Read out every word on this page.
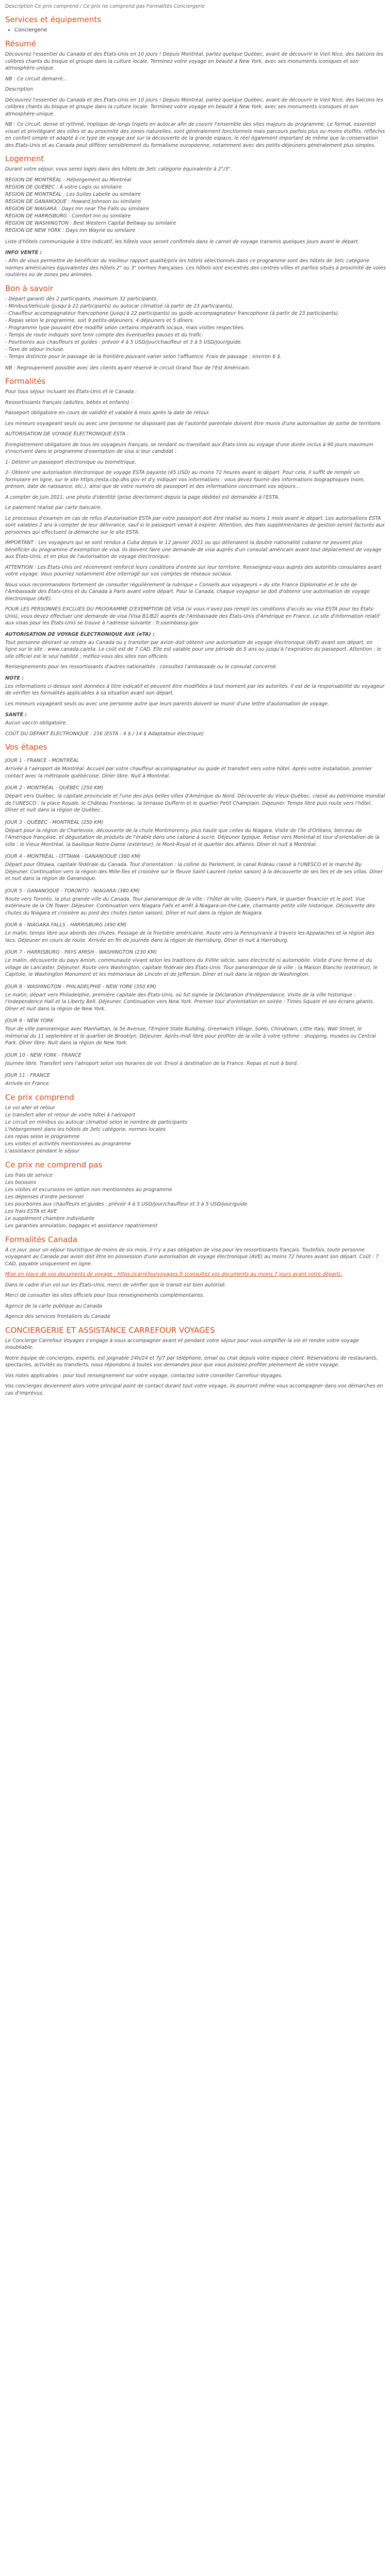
Description Ce prix comprend / Ce prix ne comprend pas Formalités Conciergerie
Services et équipements
• Conciergerie
Résumé

Découvrez l'essentiel du Canada et des États-Unis en 10 jours ! Depuis Montréal, parlez quelque Québec, avant de découvrir le Vieil Nice, des balcons les colibres chants du bisque et groupe dans la culture locale. Terminez votre voyage en beauté à New York, avec ses monuments iconiques et son atmosphère unique.

NB : Ce circuit demarré...

Description

Découvrez l'essentiel du Canada et des États-Unis en 10 jours ! Depuis Montréal, parlez quelque Québec, avant de découvrir le Vieil Nice, des balcons les colibres chants du bisque et groupe dans la culture locale. Terminez votre voyage en beauté à New York, avec ses monuments iconiques et son atmosphère unique.

NB : Ce circuit, dense et rythmé, implique de longs trajets en autocar afin de couvrir l'ensemble des sites majeurs du programme. Le format, essentiel visuel et privilégiant des villes et au proximité des zones naturelles, sont généralement fonctionnels mais parcours parfois plus ou moins étoffés, réfléchis en confort simple et adapté à ce type de voyage axé sur la découverte de la grande espace, le réel également important de même que la conservation des États-Unis et au Canada peut différer sensiblement du formalisme européenne, notamment avec des petits-déjeuners généralement plus simples.

Logement

Durant votre séjour, vous serez logés dans des hôtels de 3etc catégorie équivalente à 2"/3".

REGION DE MONTRÉAL : Hébergement au Montréal
REGION DE QUÉBEC : À votre Logis ou similaire
REGION DE MONTRÉAL : Les Suites Labelle ou similaire
REGION DE GANANOQUE : Howard Johnson ou similaire
REGION DE NIAGARA : Days Inn near The Falls ou similaire
REGION DE HARRISBURG : Comfort Inn ou similaire
REGION DE WASHINGTON : Best Western Capital Beltway ou similaire
REGION DE NEW YORK : Days Inn Wayne ou similaire

Liste d'hôtels communiquée à titre indicatif, les hôtels vous seront confirmés dans le carnet de voyage transmis quelques jours avant le départ.

INFO VENTE :

- Afin de vous permettre de bénéficier du meilleur rapport qualité/prix les hôtels sélectionnés dans ce programme sont des hôtels de 3etc catégorie normes américaines équivalentes des hôtels 2" ou 3" normes françaises. Les hôtels sont excentrés des centres-villes et parfois situés à proximité de voies routières ou de zones peu animées.

Bon à savoir
- Départ garanti dès 2 participants, maximum 32 participants.
- Minibus/Vehicule (jusqu'à 22 participants) ou autocar climatisé (à partir de 23 participants).
- Chauffeur accompagnateur francophone (jusqu'à 22 participants) ou guide accompagnateur francophone (à partir de 23 participants).
- Repas selon le programme, soit 9 petits-déjeuners, 4 déjeuners et 5 dîners.
- Programme type pouvant être modifié selon certains impératifs locaux, mais visites respectées.
- Temps de route indiqués sont tenir compte des éventuelles pauses et du trafic.
- Pourboires aux chauffeurs et guides : prévoir 4 à 5 USD/jour/chauffeur et 3 à 5 USD/jour/guide.
- Taxe de séjour incluse.
- Temps distincte pour le passage de la frontière pouvant varier selon l'affluence. Frais de passage : environ 6 $.

NB : Regroupement possible avec des clients ayant réservé le circuit Grand Tour de l'Est Américain.

Formalités

Pour tous séjour incluant les États-Unis et le Canada :

Ressortissants français (adultes, bébés et enfants) :

Passeport obligatoire en cours de validité et valable 6 mois après la date de retour.

Les mineurs voyageant seuls ou avec une personne ne disposant pas de l'autorité parentale doivent être munis d'une autorisation de sortie de territoire.

AUTORISATION DE VOYAGE ÉLECTRONIQUE ESTA :

Enregistrement obligatoire de tous les voyageurs français, se rendant ou transitant aux États-Unis ou voyage d'une durée inclus à 90 jours maximum s'inscrivent dans le programme d'exemption de visa si leur candidat :

1- Détenir un passeport électronique ou biométrique,

2- Obtenir une autorisation électronique de voyage ESTA payante (45 USD) au moins 72 heures avant le départ. Pour cela, il suffit de remplir un formulaire en ligne, sur le site https://esta.cbp.dhs.gov et d'y indiquer vos informations : vous devez fournir des informations biographiques (nom, prénom, date de naissance, etc.), ainsi que de votre numéro de passeport et des informations concernant vos séjours...

A compter de juin 2021, une photo d'identité (prise directement depuis la page dédiée) est demandée à l'ESTA.

Le paiement réalisé par carte bancaire.

Le processus d'examen en cas de refus d'autorisation ESTA par votre passeport doit être réalisé au moins 1 mois avant le départ. Les autorisations ESTA sont valables 2 ans à compter de leur délivrance, sauf si le passeport venait à expirer. Attention, des frais supplémentaires de gestion seront facturés aux personnes qui effectuent la démarche sur le site ESTA.

IMPORTANT : Les voyageurs qui se sont rendus à Cuba depuis le 12 janvier 2021 ou qui détenaient la double nationalité cubaine ne peuvent plus bénéficier du programme d'exemption de visa. Ils doivent faire une demande de visa auprès d'un consulat américain avant tout déplacement de voyage aux États-Unis, et en plus de l'autorisation de voyage électronique.

ATTENTION : Les États-Unis ont récemment renforcé leurs conditions d'entrée sur leur territoire. Renseignez-vous auprès des autorités consulaires avant votre voyage. Vous pourriez notamment être interrogé sur vos comptes de réseaux sociaux.

Nous vous recommandons fortement de consulter régulièrement la rubrique « Conseils aux voyageurs » du site France Diplomatie et le site de l'Ambassade des États-Unis et du Canada à Paris avant votre départ. Pour le Canada, chaque voyageur se doit d'obtenir une autorisation de voyage électronique (AVE).

POUR LES PERSONNES EXCLUES DU PROGRAMME D'EXEMPTION DE VISA (si vous n'avez pas rempli les conditions d'accès au visa ESTA pour les États-Unis), vous devez effectuer une demande de visa (Visa B1/B2) auprès de l'Ambassade des États-Unis d'Amérique en France. Le site d'information relatif aux visas pour les États-Unis se trouve à l'adresse suivante : fr.usembassy.gov

AUTORISATION DE VOYAGE ÉLECTRONIQUE AVE (eTA) :

Tout personne désirant se rendre au Canada ou y transiter par avion doit obtenir une autorisation de voyage électronique (AVE) avant son départ, en ligne sur le site : www.canada.ca/eta. Le coût est de 7 CAD. Elle est valable pour une période de 5 ans ou jusqu'à l'expiration du passeport. Attention : le site officiel est le seul habilité ; méfiez-vous des sites non officiels.

Renseignements pour les ressortissants d'autres nationalités : consultez l'ambassade ou le consulat concerné.

NOTE :

Les informations ci-dessus sont données à titre indicatif et peuvent être modifiées à tout moment par les autorités. Il est de la responsabilité du voyageur de vérifier les formalités applicables à sa situation avant son départ.

Les mineurs voyageant seuls ou avec une personne autre que leurs parents doivent se munir d'une lettre d'autorisation de voyage.

SANTÉ :

Aucun vaccin obligatoire.

COÛT DU DÉPART ÉLECTRONIQUE : 21€ (ESTA : 4 $ / 14 $ Adaptateur électrique)

Vos étapes
JOUR 1 - FRANCE - MONTRÉAL

Arrivée à l'aéroport de Montréal. Accueil par votre chauffeur accompagnateur ou guide et transfert vers votre hôtel. Après votre installation, premier contact avec la métropole québécoise. Dîner libre. Nuit à Montréal.

JOUR 2 - MONTRÉAL - QUÉBEC (250 KM)

Départ vers Québec, la capitale provinciale et l'une des plus belles villes d'Amérique du Nord. Découverte du Vieux-Québec, classé au patrimoine mondial de l'UNESCO : la place Royale, le Château Frontenac, la terrasse Dufferin et le quartier Petit Champlain. Déjeuner. Temps libre puis route vers l'hôtel. Dîner et nuit dans la région de Québec.

JOUR 3 - QUÉBEC - MONTRÉAL (250 KM)

Départ pour la région de Charlevoix, découverte de la chute Montmorency, plus haute que celles du Niagara. Visite de l'île d'Orléans, berceau de l'Amérique française, et dégustation de produits de l'érable dans une cabane à sucre. Déjeuner typique. Retour vers Montréal et tour d'orientation de la ville : le Vieux-Montréal, la basilique Notre-Dame (extérieur), le Mont-Royal et le quartier des affaires. Dîner et nuit à Montréal.

JOUR 4 - MONTRÉAL - OTTAWA - GANANOQUE (360 KM)

Départ pour Ottawa, capitale fédérale du Canada. Tour d'orientation : la colline du Parlement, le canal Rideau classé à l'UNESCO et le marché By. Déjeuner. Continuation vers la région des Mille-Îles et croisière sur le fleuve Saint-Laurent (selon saison) à la découverte de ses îles et de ses villas. Dîner et nuit dans la région de Gananoque.

JOUR 5 - GANANOQUE - TORONTO - NIAGARA (380 KM)

Route vers Toronto, la plus grande ville du Canada. Tour panoramique de la ville : l'hôtel de ville, Queen's Park, le quartier financier et le port. Vue extérieure de la CN Tower. Déjeuner. Continuation vers Niagara Falls et arrêt à Niagara-on-the-Lake, charmante petite ville historique. Découverte des chutes du Niagara et croisière au pied des chutes (selon saison). Dîner et nuit dans la région de Niagara.

JOUR 6 - NIAGARA FALLS - HARRISBURG (490 KM)

Le matin, temps libre aux abords des chutes. Passage de la frontière américaine. Route vers la Pennsylvanie à travers les Appalaches et la région des lacs. Déjeuner en cours de route. Arrivée en fin de journée dans la région de Harrisburg. Dîner et nuit à Harrisburg.

JOUR 7 - HARRISBURG - PAYS AMISH - WASHINGTON (230 KM)

Le matin, découverte du pays Amish, communauté vivant selon les traditions du XVIIIe siècle, sans électricité ni automobile. Visite d'une ferme et du village de Lancaster. Déjeuner. Route vers Washington, capitale fédérale des États-Unis. Tour panoramique de la ville : la Maison Blanche (extérieur), le Capitole, le Washington Monument et les mémoriaux de Lincoln et de Jefferson. Dîner et nuit dans la région de Washington.

JOUR 8 - WASHINGTON - PHILADELPHIE - NEW YORK (350 KM)

Le matin, départ vers Philadelphie, première capitale des États-Unis, où fut signée la Déclaration d'Indépendance. Visite de la ville historique : l'Independence Hall et la Liberty Bell. Déjeuner. Continuation vers New York. Premier tour d'orientation en soirée : Times Square et ses écrans géants. Dîner et nuit dans la région de New York.

JOUR 9 - NEW YORK

Tour de ville panoramique avec Manhattan, la 5e Avenue, l'Empire State Building, Greenwich Village, SoHo, Chinatown, Little Italy, Wall Street, le mémorial du 11 septembre et le quartier de Brooklyn. Déjeuner. Après-midi libre pour profiter de la ville à votre rythme : shopping, musées ou Central Park. Dîner libre. Nuit dans la région de New York.

JOUR 10 - NEW YORK - FRANCE

Journée libre. Transfert vers l'aéroport selon vos horaires de vol. Envol à destination de la France. Repas et nuit à bord.

JOUR 11 - FRANCE

Arrivée en France.

Ce prix comprend
Le vol aller et retour
Le transfert aller et retour de votre hôtel à l'aéroport
Le circuit en minibus ou autocar climatisé selon le nombre de participants
L'hébergement dans les hôtels de 3etc catégorie, normes locales
Les repas selon le programme
Les visites et activités mentionnées au programme
L'assistance pendant le séjour
Ce prix ne comprend pas
Les frais de service
Les boissons
Les visites et excursions en option non mentionnées au programme
Les dépenses d'ordre personnel
Les pourboires aux chauffeurs et guides : prévoir 4 à 5 USD/jour/chauffeur et 3 à 5 USD/jour/guide
Les frais ESTA et AVE
Le supplément chambre individuelle
Les garanties annulation, bagages et assistance rapatriement
Formalités Canada

À ce jour, pour un séjour touristique de moins de six mois, il n'y a pas obligation de visa pour les ressortissants français. Toutefois, toute personne voyageant au Canada par avion doit être en possession d'une autorisation de voyage électronique (AVE) au moins 72 heures avant son départ. Coût : 7 CAD, payable uniquement en ligne.

Mise en place de vos documents de voyage : https://carrefourvoyages.fr (consultez vos documents au moins 7 jours avant votre départ).

Dans le cadre d'un vol sur les États-Unis, merci de vérifier que le transit est bien autorisé.

Merci de consulter les sites officiels pour tous renseignements complémentaires.

Agence de la carte publique au Canada

Agence des services frontaliers du Canada

CONCIERGERIE ET ASSISTANCE CARREFOUR VOYAGES

Le Concierge Carrefour Voyages s'engage à vous accompagner avant et pendant votre séjour pour vous simplifier la vie et rendre votre voyage inoubliable.

Notre équipe de concierges, experts, est joignable 24h/24 et 7j/7 par téléphone, email ou chat depuis votre espace client. Réservations de restaurants, spectacles, activités ou transferts, nous répondons à toutes vos demandes pour que vous puissiez profiter pleinement de votre voyage.

Vos notes applicables : pour tout renseignement sur votre voyage, contactez votre conseiller Carrefour Voyages.

Vos concierges deviennent alors votre principal point de contact durant tout votre voyage, ils pourront même vous accompagner dans vos démarches en cas d'imprévus.
